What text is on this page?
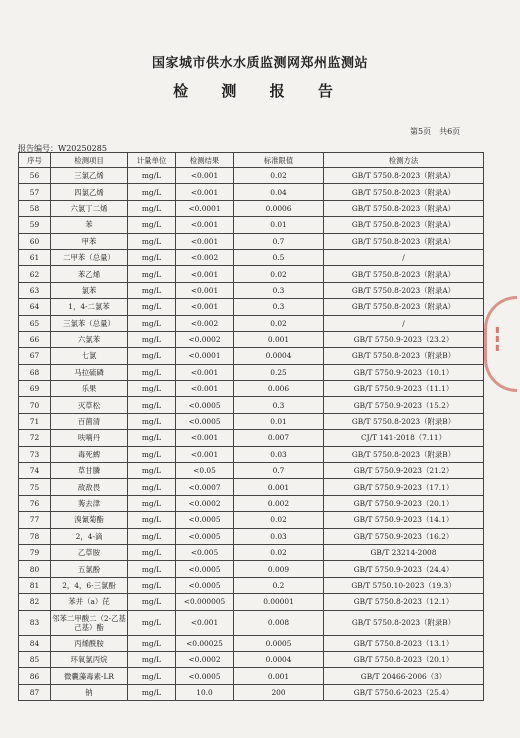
国家城市供水水质监测网郑州监测站
检 测 报 告
第5页　共6页
报告编号：W20250285
序号	检测项目	计量单位	检测结果	标准限值	检测方法
56	三氯乙烯	mg/L	<0.001	0.02	GB/T 5750.8-2023（附录A）
57	四氯乙烯	mg/L	<0.001	0.04	GB/T 5750.8-2023（附录A）
58	六氯丁二烯	mg/L	<0.0001	0.0006	GB/T 5750.8-2023（附录A）
59	苯	mg/L	<0.001	0.01	GB/T 5750.8-2023（附录A）
60	甲苯	mg/L	<0.001	0.7	GB/T 5750.8-2023（附录A）
61	二甲苯（总量）	mg/L	<0.002	0.5	/
62	苯乙烯	mg/L	<0.001	0.02	GB/T 5750.8-2023（附录A）
63	氯苯	mg/L	<0.001	0.3	GB/T 5750.8-2023（附录A）
64	1，4-二氯苯	mg/L	<0.001	0.3	GB/T 5750.8-2023（附录A）
65	三氯苯（总量）	mg/L	<0.002	0.02	/
66	六氯苯	mg/L	<0.0002	0.001	GB/T 5750.9-2023（23.2）
67	七氯	mg/L	<0.0001	0.0004	GB/T 5750.8-2023（附录B）
68	马拉硫磷	mg/L	<0.001	0.25	GB/T 5750.9-2023（10.1）
69	乐果	mg/L	<0.001	0.006	GB/T 5750.9-2023（11.1）
70	灭草松	mg/L	<0.0005	0.3	GB/T 5750.9-2023（15.2）
71	百菌清	mg/L	<0.0005	0.01	GB/T 5750.8-2023（附录B）
72	呋喃丹	mg/L	<0.001	0.007	CJ/T 141-2018（7.11）
73	毒死蜱	mg/L	<0.001	0.03	GB/T 5750.8-2023（附录B）
74	草甘膦	mg/L	<0.05	0.7	GB/T 5750.9-2023（21.2）
75	敌敌畏	mg/L	<0.0007	0.001	GB/T 5750.9-2023（17.1）
76	莠去津	mg/L	<0.0002	0.002	GB/T 5750.9-2023（20.1）
77	溴氰菊酯	mg/L	<0.0005	0.02	GB/T 5750.9-2023（14.1）
78	2，4-滴	mg/L	<0.0005	0.03	GB/T 5750.9-2023（16.2）
79	乙草胺	mg/L	<0.005	0.02	GB/T 23214-2008
80	五氯酚	mg/L	<0.0005	0.009	GB/T 5750.9-2023（24.4）
81	2，4，6-三氯酚	mg/L	<0.0005	0.2	GB/T 5750.10-2023（19.3）
82	苯并（a）芘	mg/L	<0.000005	0.00001	GB/T 5750.8-2023（12.1）
83	邻苯二甲酸二（2-乙基己基）酯	mg/L	<0.001	0.008	GB/T 5750.8-2023（附录B）
84	丙烯酰胺	mg/L	<0.00025	0.0005	GB/T 5750.8-2023（13.1）
85	环氧氯丙烷	mg/L	<0.0002	0.0004	GB/T 5750.8-2023（20.1）
86	微囊藻毒素-LR	mg/L	<0.0005	0.001	GB/T 20466-2006（3）
87	钠	mg/L	10.0	200	GB/T 5750.6-2023（25.4）
▮▮▮
